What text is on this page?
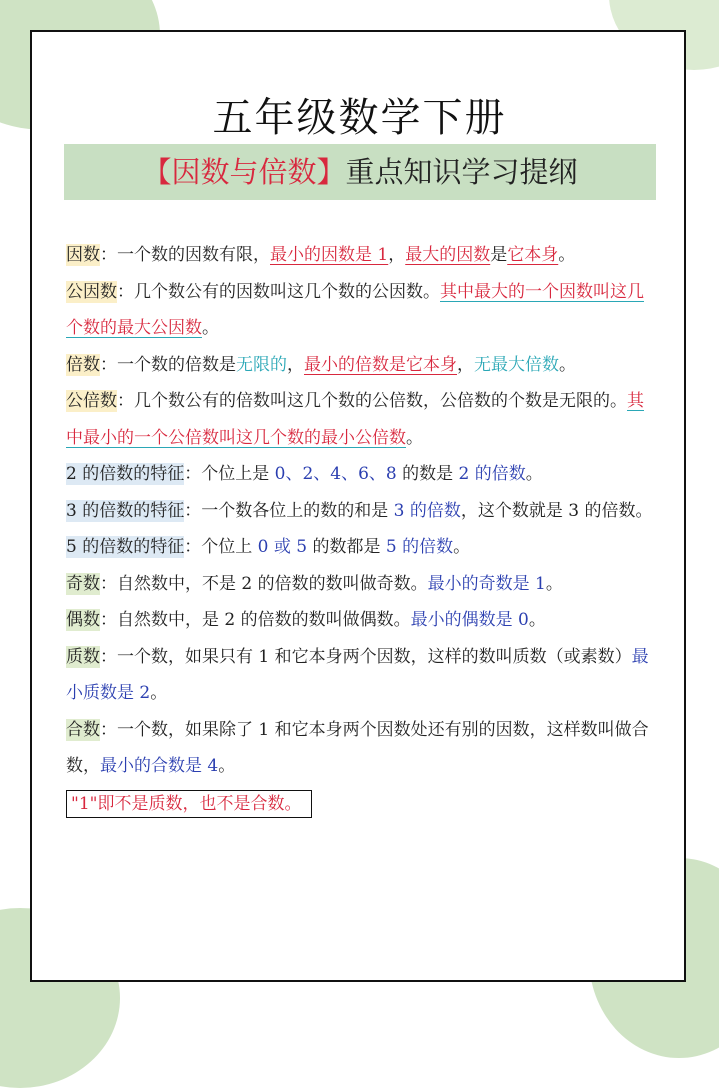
五年级数学下册
【因数与倍数】重点知识学习提纲

因数：一个数的因数有限，最小的因数是 1，最大的因数是它本身。

公因数：几个数公有的因数叫这几个数的公因数。其中最大的一个因数叫这几个数的最大公因数。

倍数：一个数的倍数是无限的，最小的倍数是它本身，无最大倍数。

公倍数：几个数公有的倍数叫这几个数的公倍数，公倍数的个数是无限的。其中最小的一个公倍数叫这几个数的最小公倍数。

2 的倍数的特征：个位上是 0、2、4、6、8 的数是 2 的倍数。

3 的倍数的特征：一个数各位上的数的和是 3 的倍数，这个数就是 3 的倍数。

5 的倍数的特征：个位上 0 或 5 的数都是 5 的倍数。

奇数：自然数中，不是 2 的倍数的数叫做奇数。最小的奇数是 1。

偶数：自然数中，是 2 的倍数的数叫做偶数。最小的偶数是 0。

质数：一个数，如果只有 1 和它本身两个因数，这样的数叫质数（或素数）最小质数是 2。

合数：一个数，如果除了 1 和它本身两个因数处还有别的因数，这样数叫做合数，最小的合数是 4。

"1"即不是质数，也不是合数。
